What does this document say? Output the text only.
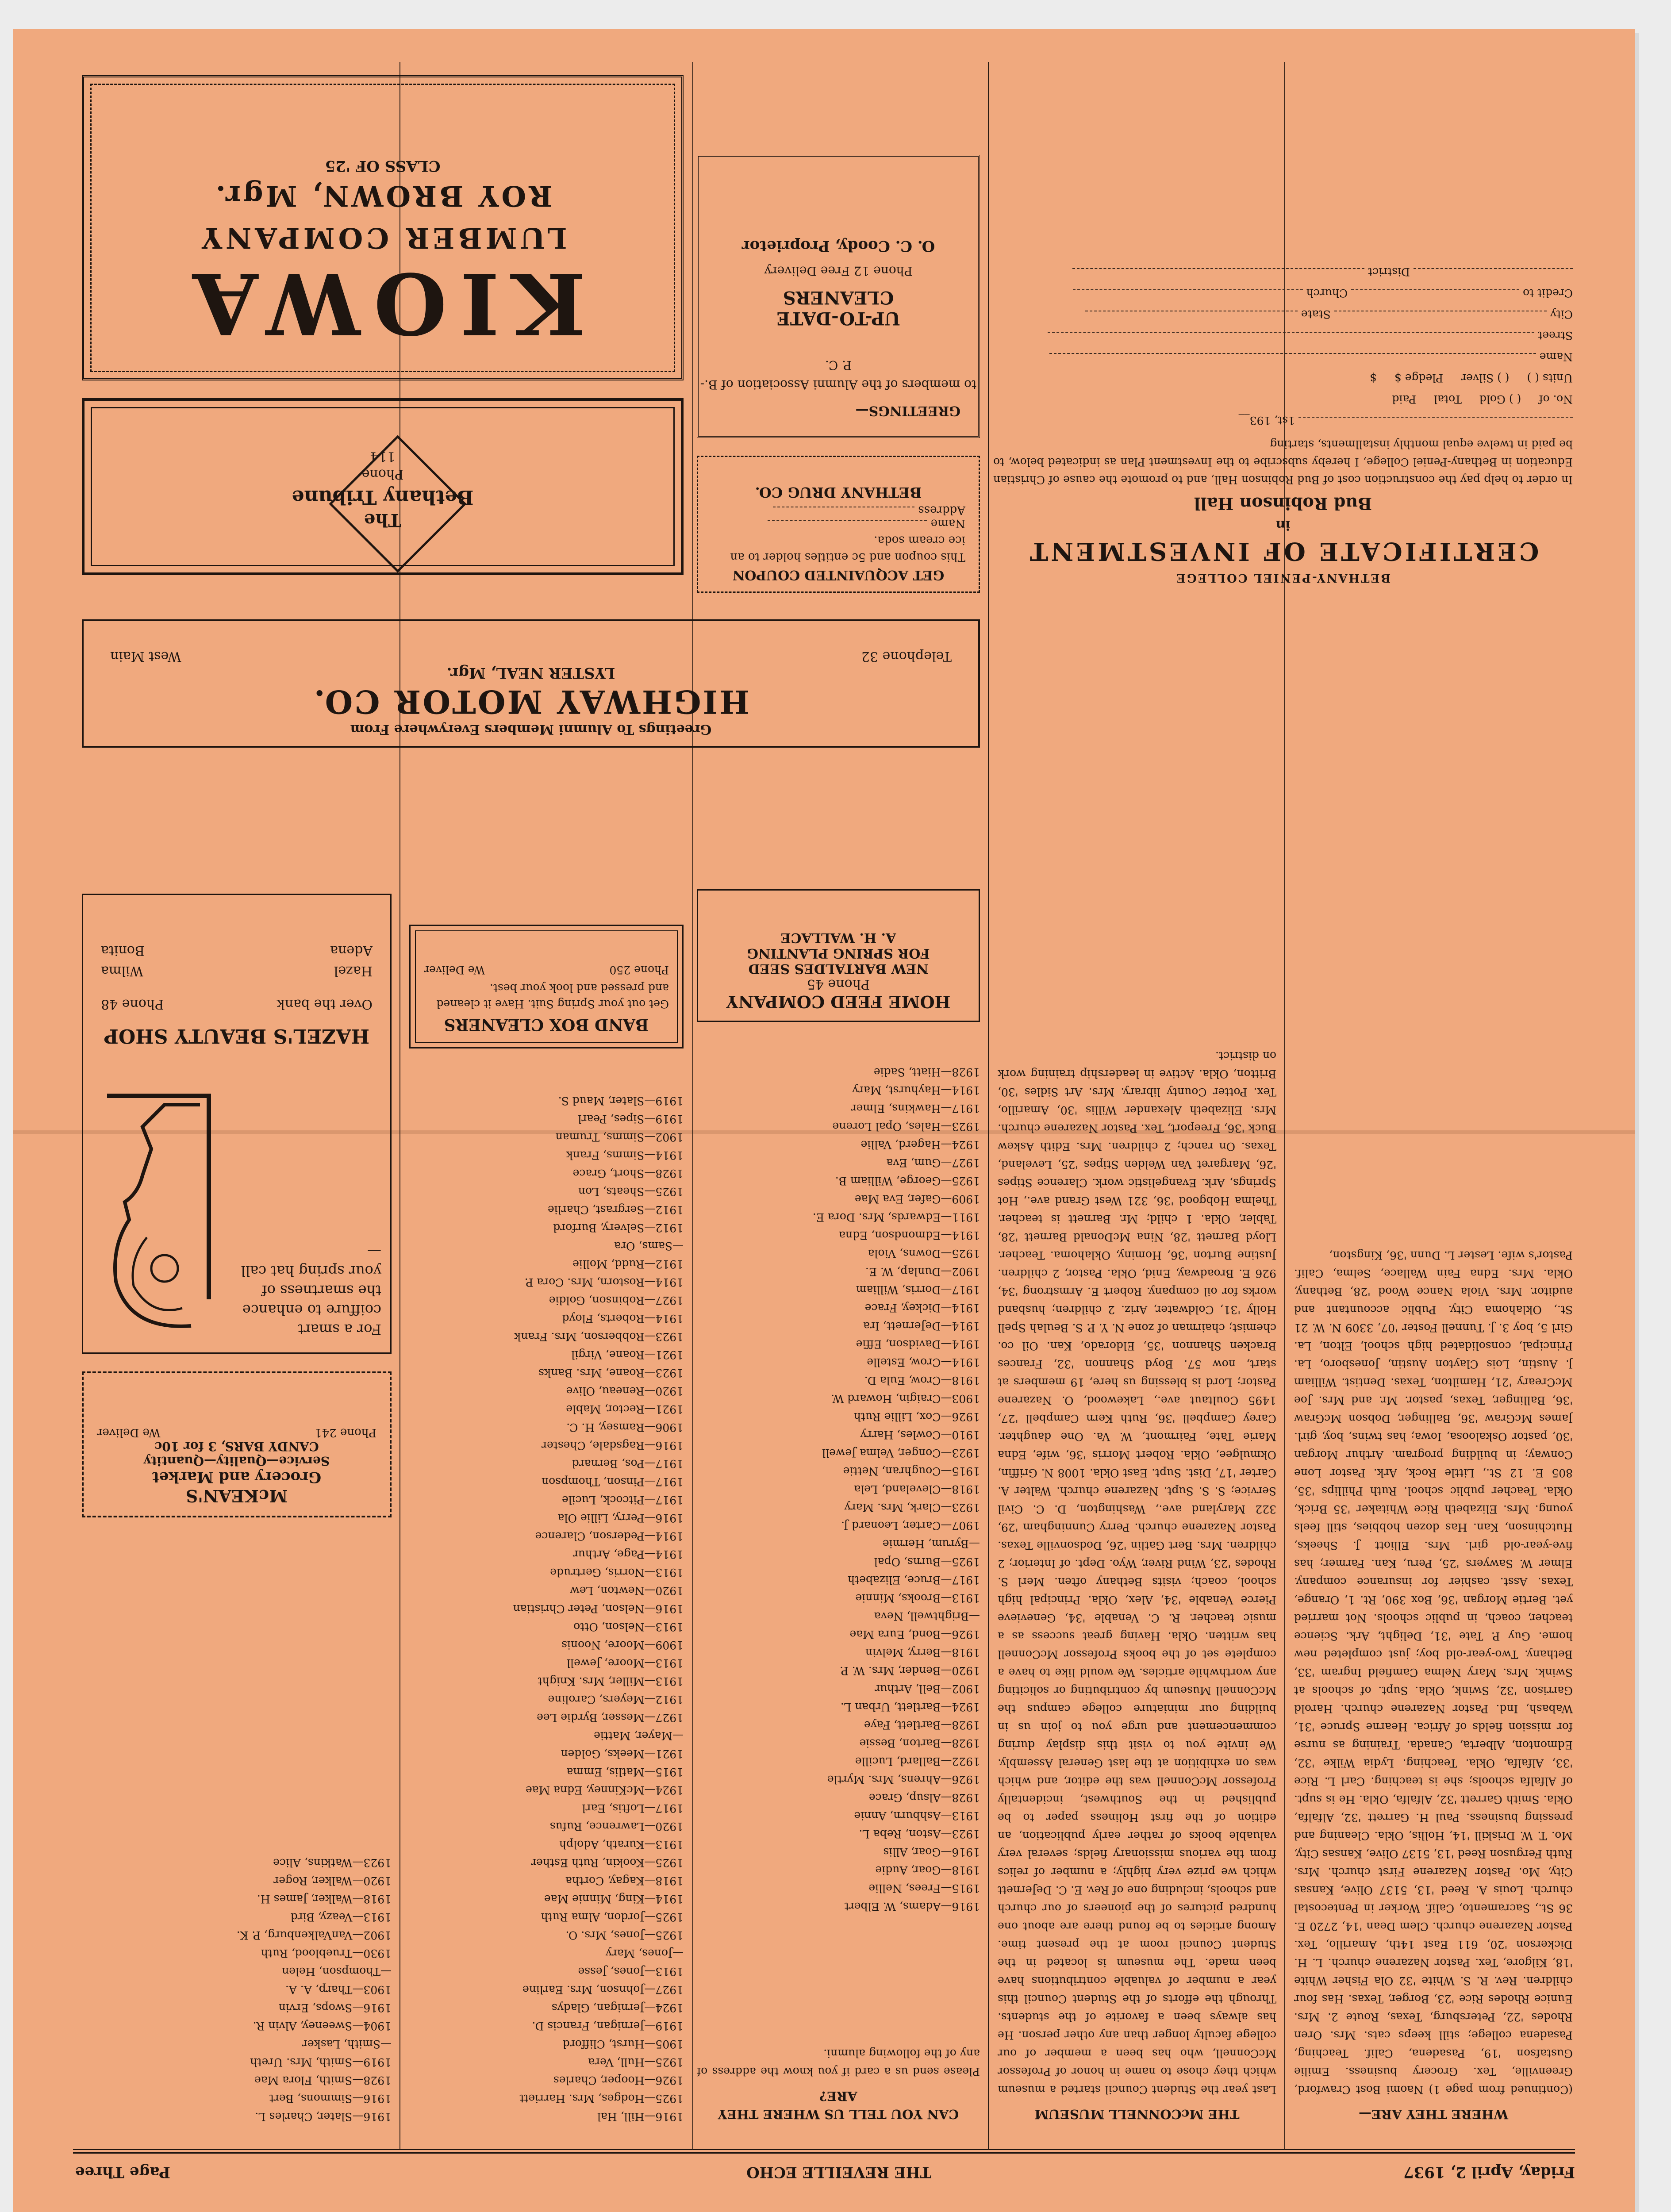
Friday, April 2, 1937
THE REVEILLE ECHO
Page Three
WHERE THEY ARE—

(Continued from page 1) Naomi Bost Crawford, Greenville, Tex. Grocery business. Emilie Gustafson '19, Pasadena, Calif. Teaching, Pasadena college; still keeps cats. Mrs. Oren Rhodes '22, Petersburg, Texas, Route 2. Mrs. Eunice Rhodes Rice '23, Borger, Texas. Has four children. Rev. R. S. White '32 Ola Fisher White '18, Kilgore, Tex. Pastor Nazarene church. L. H. Dickerson '20, 611 East 14th, Amarillo, Tex. Pastor Nazarene church. Clem Dean '14, 2720 E. 36 St., Sacramento, Calif. Worker in Pentecostal church. Louis A. Reed '13, 5137 Olive, Kansas City, Mo. Pastor Nazarene First church. Mrs. Ruth Ferguson Reed '13, 5137 Olive, Kansas City, Mo. T. W. Driskill '14, Hollis, Okla. Cleaning and pressing business. Paul H. Garrett '32, Alfalfa, Okla. Smith Garrett '32, Alfalfa, Okla. He is supt. of Alfalfa schools; she is teaching. Carl L. Rice '33, Alfalfa, Okla. Teaching. Lydia Wilke '32, Edmonton, Alberta, Canada. Training as nurse for mission fields of Africa. Hearne Spruce '31, Wabash, Ind. Pastor Nazarene church. Harold Garrison '32, Swink, Okla. Supt. of schools at Swink. Mrs. Mary Nelma Camfield Ingram '33, Bethany. Two-year-old boy; just completed new home. Guy P. Tate '31, Delight, Ark. Science teacher, coach, in public schools. Not married yet. Bertie Morgan '36, Box 390, Rt. 1, Orange, Texas. Asst. cashier for insurance company. Elmer W. Sawyers '25, Peru, Kan. Farmer; has five-year-old girl. Mrs. Elliott J. Sheeks, Hutchinson, Kan. Has dozen hobbies, still feels young. Mrs. Elizabeth Rice Whitaker '35 Brick, Okla. Teacher public school. Ruth Phillips '35, 805 E. 12 St., Little Rock, Ark. Pastor Lone Conway; in building program. Arthur Morgan '30, pastor Oskaloosa, Iowa; has twins, boy, girl. James McGraw '36, Ballinger, Dobson McGraw '36, Ballinger, Texas, pastor. Mr. and Mrs. Joe McCreary '21, Hamilton, Texas. Dentist. William J. Austin, Lois Clayton Austin, Jonesboro, La. Principal, consolidated high school, Elton, La. Girl 5, boy 3. J. Tunnell Foster '07, 3309 N. W. 21 St., Oklahoma City. Public accountant and auditor. Mrs. Viola Nance Wood '28, Bethany, Okla. Mrs. Edna Fain Wallace, Selma, Calif. Pastor's wife. Lester L. Dunn '36, Kingston,

THE McCONNELL MUSEUM

Last year the Student Council started a museum which they chose to name in honor of Professor McConnell, who has been a member of our college faculty longer than any other person. He has always been a favorite of the students. Through the efforts of the Student Council this year a number of valuable contributions have been made. The museum is located in the Student Council room at the present time. Among articles to be found there are about one hundred pictures of the pioneers of our church and schools, including one of Rev. E. C. DeJernett which we prize very highly; a number of relics from the various missionary fields; several very valuable books of rather early publication, an edition of the first Holiness paper to be published in the Southwest, incidentally Professor McConnell was the editor, and which was on exhibition at the last General Assembly. We invite you to visit this display during commencement and urge you to join us in building our miniature college campus the McConnell Museum by contributing or soliciting any worthwhile articles. We would like to have a complete set of the books Professor McConnell has written. Okla. Having great success as a music teacher. R. C. Venable '34, Genevieve Pierce Venable '34, Alex, Okla. Principal high school, coach; visits Bethany often. Merl S. Rhodes '23, Wind River, Wyo. Dept. of Interior; 2 children. Mrs. Bert Gatlin '26, Dodsonville Texas. Pastor Nazarene church. Perry Cunningham '29, 322 Maryland ave., Washington, D. C. Civil Service; S. S. Supt. Nazarene church. Walter A. Carter '17, Dist. Supt. East Okla. 1008 N. Griffin, Okmulgee, Okla. Robert Morris '36, wife, Edna Marie Tate, Fairmont, W. Va. One daughter. Carey Campbell '36, Ruth Kern Campbell '27, 1495 Coultaut ave., Lakewood, O. Nazarene Pastor; Lord is blessing us here, 19 members at start, now 57. Boyd Shannon '32, Frances Bracken Shannon '35, Eldorado, Kan. Oil co. chemist; chairman of zone N. Y. P. S. Beulah Spell Holly '31, Coldwater, Ariz. 2 children; husband works for oil company. Robert E. Armstrong '34, 926 E. Broadway, Enid, Okla. Pastor, 2 children. Justine Burton '36, Hominy, Oklahoma. Teacher. Lloyd Barnett '28, Nina McDonald Barnett '28, Tabler, Okla. 1 child; Mr. Barnett is teacher. Thelma Hobgood '36, 321 West Grand ave., Hot Springs, Ark. Evangelistic work. Clarence Stipes '26, Margaret Van Welden Stipes '25, Leveland, Texas. On ranch; 2 children. Mrs. Edith Askew Buck '36, Freeport, Tex. Pastor Nazarene church. Mrs. Elizabeth Alexander Willis '30, Amarillo, Tex. Potter County library. Mrs. Art Sidles '30, Britton, Okla. Active in leadership training work on district.

CAN YOU TELL US WHERE THEY ARE?

Please send us a card if you know the address of any of the following alumni.

1916—Adams, W. Elbert
1915—Frees, Nellie
1918—Goar, Audie
1916—Goar, Allis
1923—Aston, Reba L.
1913—Ashburn, Annie
1928—Alsup, Grace
1926—Ahrens, Mrs. Myrtle
1922—Ballard, Lucille
1928—Barton, Bessie
1928—Bartlett, Faye
1924—Bartlett, Urban L.
1902—Bell, Arthur
1920—Bender, Mrs. W. P.
1918—Berry, Melvin
1926—Bond, Eura Mae
—Brightwell, Neva
1913—Brooks, Minnie
1917—Bruce, Elizabeth
1925—Burns, Opal
—Byrum, Hermie
1907—Carter, Leonard J.
1923—Clark, Mrs. Mary
1918—Cleveland, Lela
1915—Coughran, Nettie
1923—Conger, Velma Jewell
1910—Cowles, Harry
1926—Cox, Lillie Ruth
1903—Craigin, Howard W.
1918—Crow, Eula D.
1914—Crow, Estelle
1914—Davidson, Effie
1914—DeJernett, Ira
1914—Dickey, Frace
1917—Dorris, William
1902—Dunlap, W. E.
1925—Downs, Viola
1914—Edmondson, Edna
1911—Edwards, Mrs. Dora E.
1909—Gafer, Eva Mae
1925—George, William B.
1927—Gum, Eva
1924—Hagerd, Vallie
1923—Hales, Opal Lorene
1917—Hawkins, Elmer
1914—Hayhurst, Mary
1928—Hiatt, Sadie
1916—Hill, Hal
1925—Hodges, Mrs. Harriett
1926—Hooper, Charles
1925—Hull, Vera
1905—Hurst, Clifford
1919—Jernigan, Francis D.
1924—Jernigan, Gladys
1927—Johnson, Mrs. Earline
1913—Jones, Jesse
—Jones, Mary
1925—Jones, Mrs. O.
1925—Jordon, Alma Ruth
1914—King, Minnie Mae
1918—Kagay, Cortha
1925—Kookin, Ruth Esther
1913—Kurath, Adolph
1920—Lawrence, Rufus
1917—Loftis, Earl
1924—McKinney, Edna Mae
1915—Matlis, Emma
1921—Meeks, Golden
—Mayer, Mattie
1927—Messer, Byrdie Lee
1912—Meyers, Caroline
1913—Miller, Mrs. Knight
1913—Moore, Jewell
1909—Moore, Noonis
1913—Nelson, Otto
1916—Nelson, Peter Christian
1920—Newton, Lew
1913—Norris, Gertrude
1914—Page, Arthur
1914—Pederson, Clarence
1916—Perry, Lillie Ola
1917—Pitcock, Lucile
1917—Pinson, Thompson
1917—Pos, Bernard
1916—Ragsdale, Chester
1906—Ramsey, H. C.
1921—Rector, Mable
1920—Reneau, Olive
1923—Roane, Mrs. Banks
1921—Roane, Virgil
1923—Robberson, Mrs. Frank
1914—Roberts, Floyd
1927—Robinson, Goldie
1914—Rostorn, Mrs. Cora P.
1912—Rudd, Mollie
—Sams, Ora
1912—Selvery, Burford
1912—Sergrast, Charlie
1925—Sheats, Lon
1928—Short, Grace
1914—Simms, Frank
1902—Simms, Truman
1919—Sipes, Pearl
1919—Slater, Maud S.
1916—Slater, Charles L.
1916—Simmons, Bert
1928—Smith, Flora Mae
1919—Smith, Mrs. Ureth
—Smith, Lasker
1904—Sweeney, Alvin R.
1916—Swops, Ervin
1903—Tharp, A. A.
—Thompson, Helen
1930—Trueblood, Ruth
1902—VanValkenburg, P. K.
1913—Veazy, Bird
1918—Walker, James H.
1920—Walker, Roger
1923—Watkins, Alice
McKEAN'S
Grocery and Market
Service—Quality—Quantity
CANDY BARS, 3 for 10c
Phone 241
We Deliver
For a smart coiffure to enhance the smartness of your spring hat call—
HAZEL'S BEAUTY SHOP
Over the bank
Phone 48
Hazel
Adena
Wilma
Bonita
BAND BOX CLEANERS
Get out your Spring Suit. Have it cleaned and pressed and look your best.
Phone 250
We Deliver
HOME FEED COMPANY
Phone 45
NEW BARTALDES SEED
FOR SPRING PLANTING
A. H. WALLACE
Greetings To Alumni Members Everywhere From
HIGHWAY MOTOR CO.
LYSTER NEAL, Mgr.
Telephone 32
West Main
The
Bethany Tribune
Phone
114
KIOWA
LUMBER COMPANY
ROY BROWN, Mgr.
CLASS OF '25
GET ACQUAINTED COUPON
This coupon and 5c entitles holder to an ice cream soda.
Name
Address
BETHANY DRUG CO.
GREETINGS—
to members of the Alumni Association of B.-P. C.
UP-TO-DATE
CLEANERS
Phone 12 Free Delivery
O. C. Coody, Proprietor
BETHANY-PENIEL COLLEGE
CERTIFICATE OF INVESTMENT
in
Bud Robinson Hall
In order to help pay the construction cost of Bud Robinson Hall, and to promote the cause of Christian Education in Bethany-Peniel College, I hereby subscribe to the Investment Plan as indicated below, to be paid in twelve equal monthly installments, starting
1st, 193__
No. of
( ) Gold
Total
Paid
Units ( )
( ) Silver
Pledge $
$
Name
Street
City  State
Credit to  Church
District
